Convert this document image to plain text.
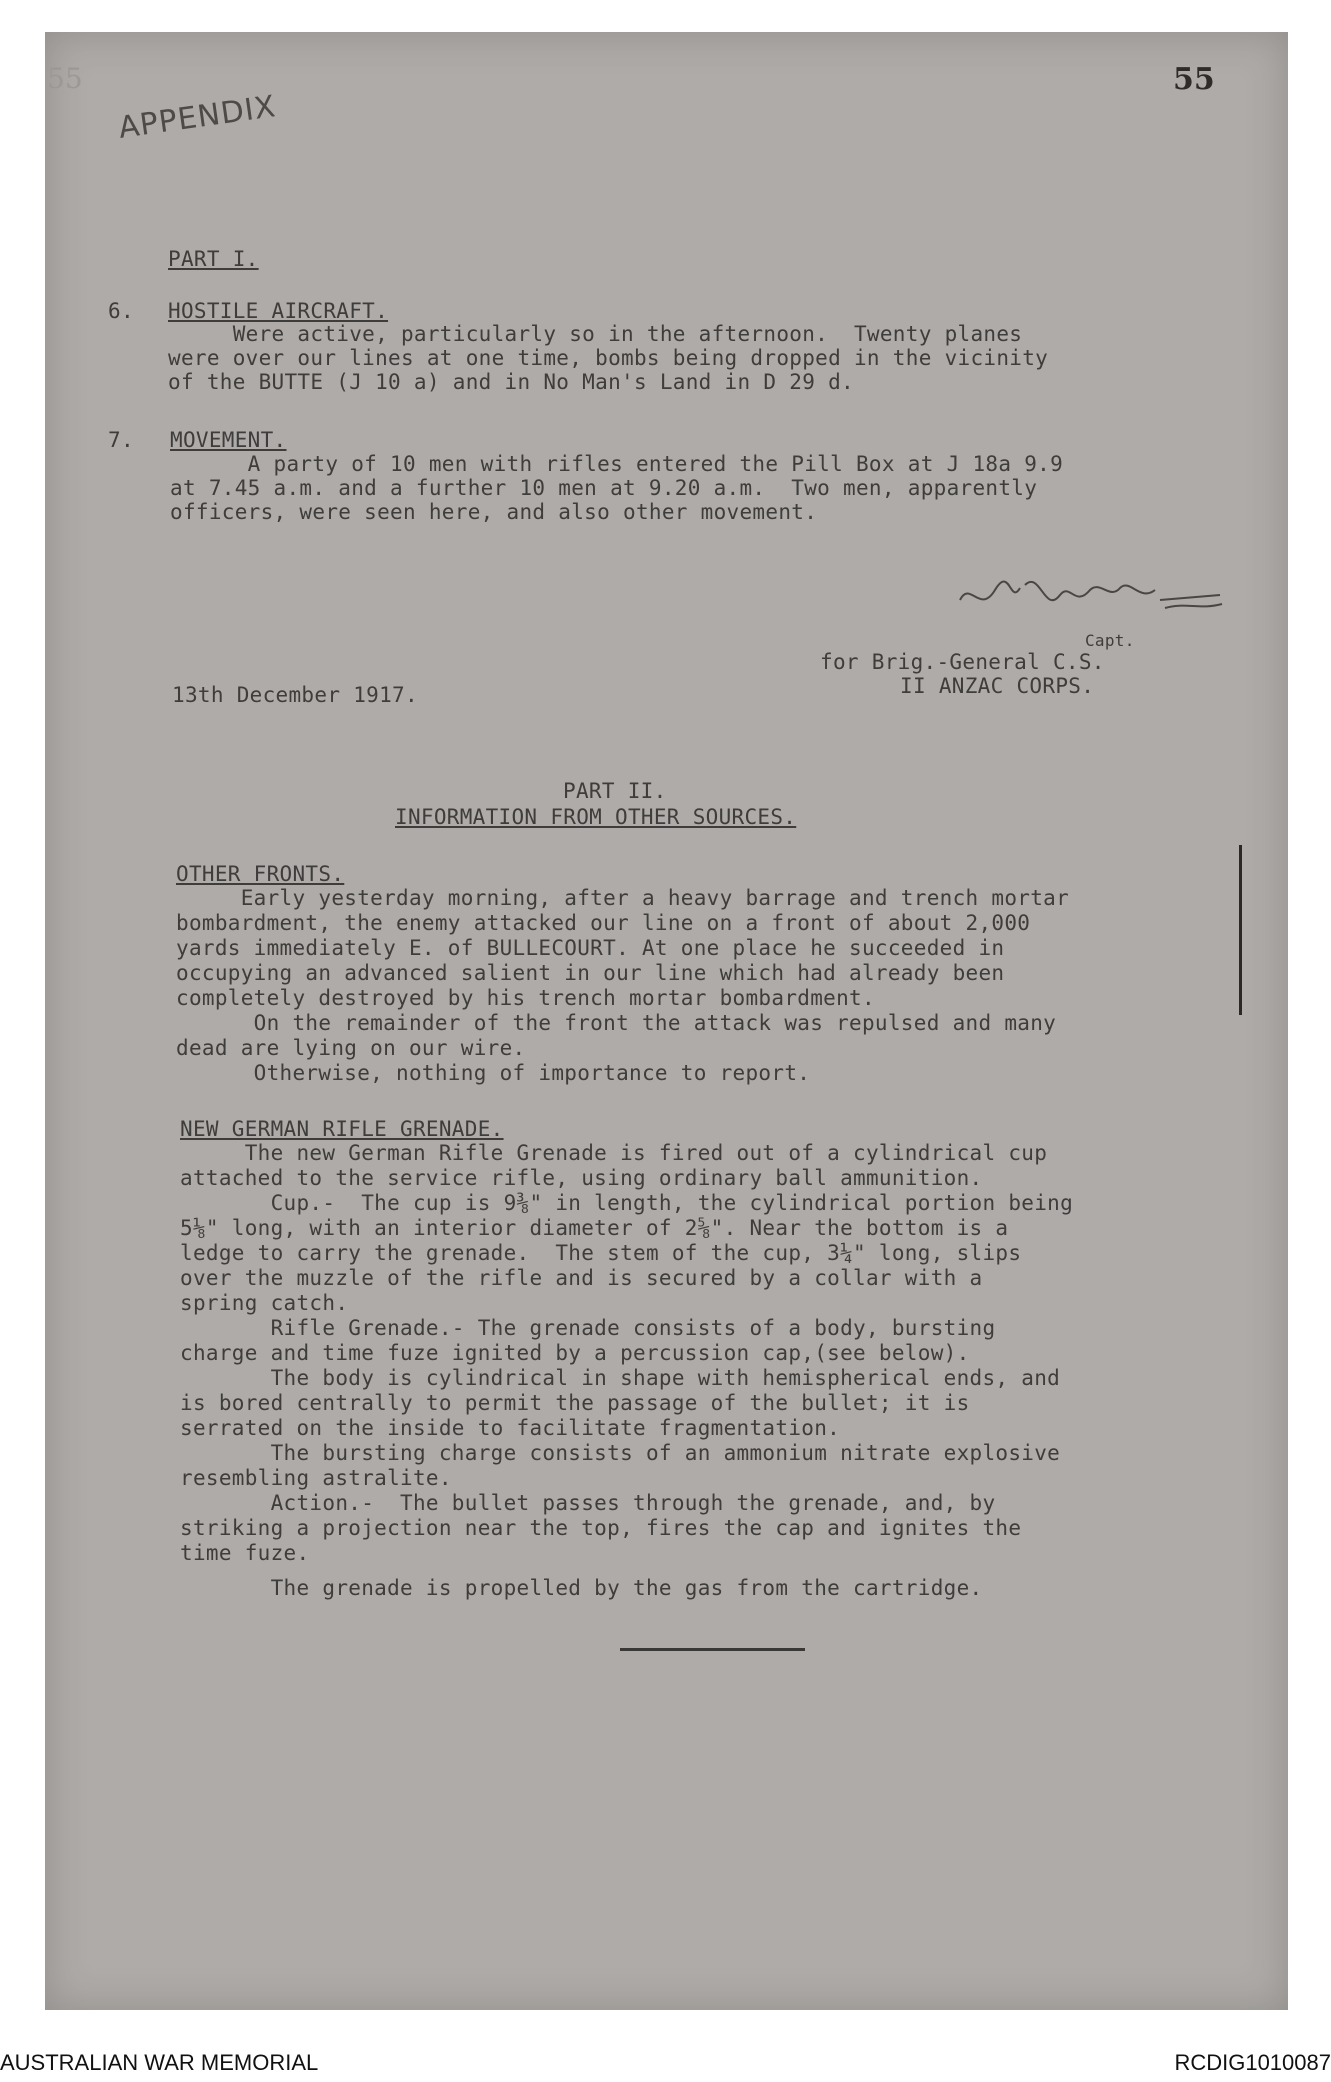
55
APPENDIX
55
PART I.
6. HOSTILE AIRCRAFT.
Were active, particularly so in the afternoon.  Twenty planes
were over our lines at one time, bombs being dropped in the vicinity
of the BUTTE (J 10 a) and in No Man's Land in D 29 d.
7. MOVEMENT.
A party of 10 men with rifles entered the Pill Box at J 18a 9.9
at 7.45 a.m. and a further 10 men at 9.20 a.m.  Two men, apparently
officers, were seen here, and also other movement.
Capt.
for Brig.-General C.S.
II ANZAC CORPS.
13th December 1917.
PART II.
INFORMATION FROM OTHER SOURCES.
OTHER FRONTS.
Early yesterday morning, after a heavy barrage and trench mortar
bombardment, the enemy attacked our line on a front of about 2,000
yards immediately E. of BULLECOURT. At one place he succeeded in
occupying an advanced salient in our line which had already been
completely destroyed by his trench mortar bombardment.
On the remainder of the front the attack was repulsed and many
dead are lying on our wire.
Otherwise, nothing of importance to report.
NEW GERMAN RIFLE GRENADE.
The new German Rifle Grenade is fired out of a cylindrical cup
attached to the service rifle, using ordinary ball ammunition.
Cup.-  The cup is 9⅜" in length, the cylindrical portion being
5⅛" long, with an interior diameter of 2⅝". Near the bottom is a
ledge to carry the grenade.  The stem of the cup, 3¼" long, slips
over the muzzle of the rifle and is secured by a collar with a
spring catch.
Rifle Grenade.- The grenade consists of a body, bursting
charge and time fuze ignited by a percussion cap,(see below).
The body is cylindrical in shape with hemispherical ends, and
is bored centrally to permit the passage of the bullet; it is
serrated on the inside to facilitate fragmentation.
The bursting charge consists of an ammonium nitrate explosive
resembling astralite.
Action.-  The bullet passes through the grenade, and, by
striking a projection near the top, fires the cap and ignites the
time fuze.
The grenade is propelled by the gas from the cartridge.
AUSTRALIAN WAR MEMORIAL	RCDIG1010087
